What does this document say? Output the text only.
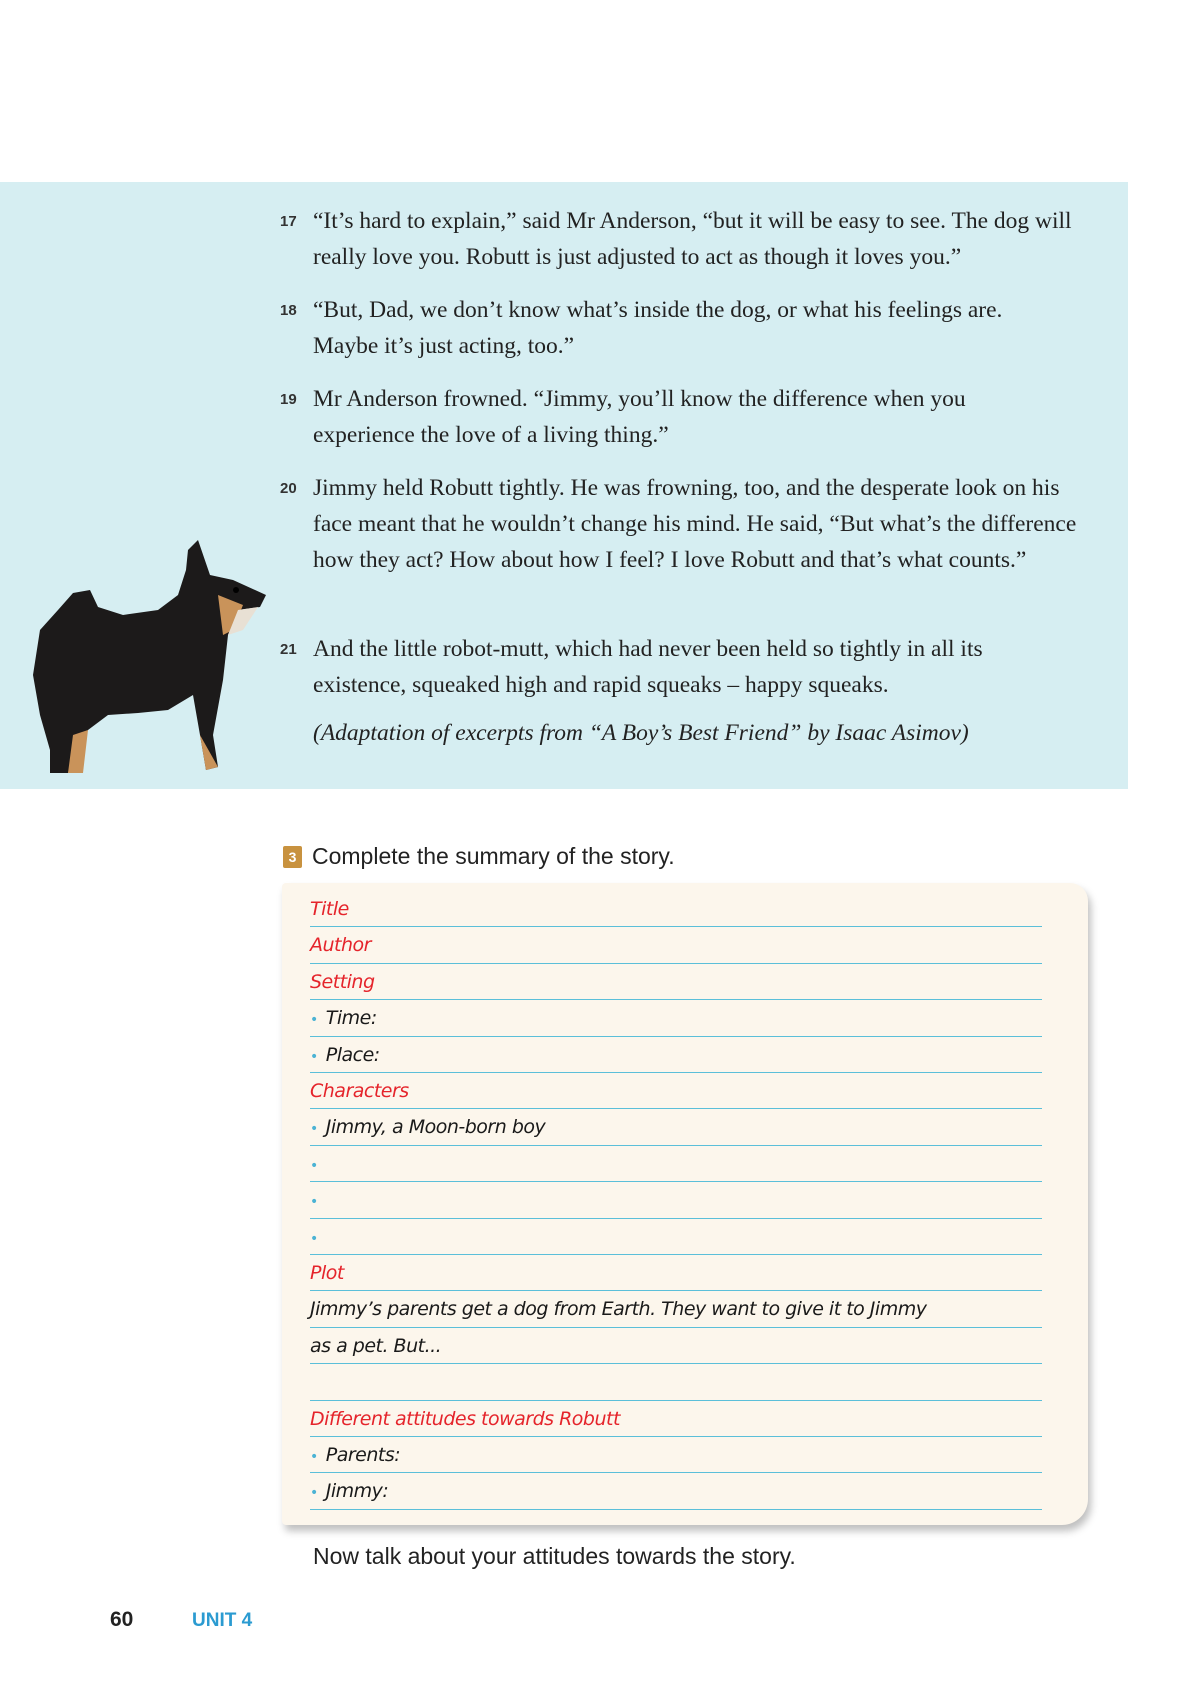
17 “It’s hard to explain,” said Mr Anderson, “but it will be easy to see. The dog will really love you. Robutt is just adjusted to act as though it loves you.”
18 “But, Dad, we don’t know what’s inside the dog, or what his feelings are. Maybe it’s just acting, too.”
19 Mr Anderson frowned. “Jimmy, you’ll know the difference when you experience the love of a living thing.”
20 Jimmy held Robutt tightly. He was frowning, too, and the desperate look on his face meant that he wouldn’t change his mind. He said, “But what’s the difference how they act? How about how I feel? I love Robutt and that’s what counts.”
21 And the little robot-mutt, which had never been held so tightly in all its existence, squeaked high and rapid squeaks – happy squeaks.
(Adaptation of excerpts from “A Boy’s Best Friend” by Isaac Asimov)
3 Complete the summary of the story.
Title
Author
Setting
• Time:
• Place:
Characters
• Jimmy, a Moon-born boy
•
•
•
Plot
Jimmy’s parents get a dog from Earth. They want to give it to Jimmy
as a pet. But...
Different attitudes towards Robutt
• Parents:
• Jimmy:
Now talk about your attitudes towards the story.
60	UNIT 4
